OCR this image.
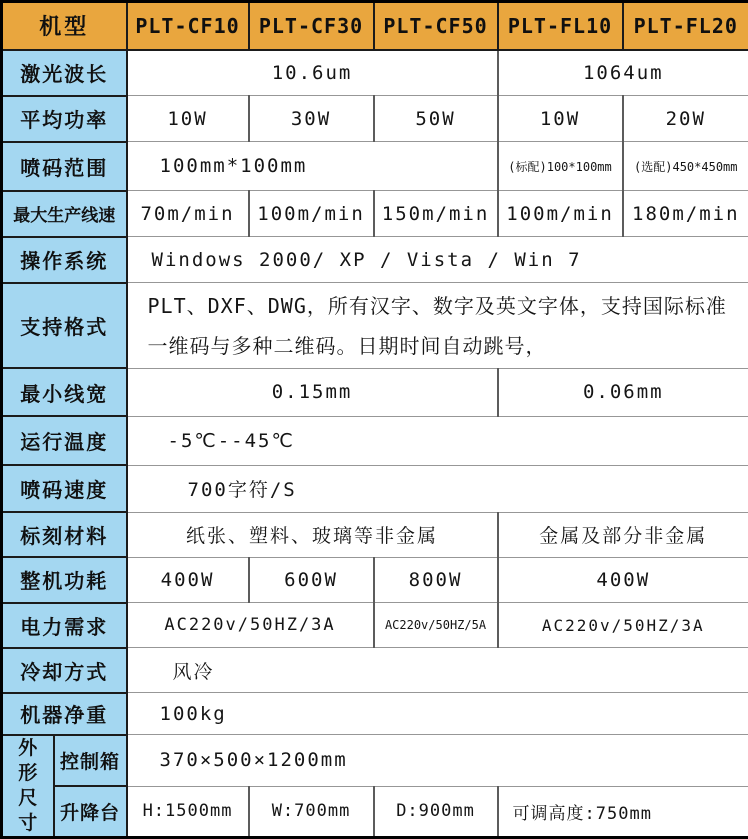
机型		PLT-CF10	PLT-CF30	PLT-CF50	PLT-FL10	PLT-FL20
激光波长		10.6um			1064um	
平均功率		10W	30W	50W	10W	20W
喷码范围		100mm*100mm			(标配)100*100mm	(选配)450*450mm
最大生产线速		70m/min	100m/min	150m/min	100m/min	180m/min
操作系统		Windows 2000/ XP / Vista / Win 7				
支持格式		PLT、DXF、DWG，所有汉字、数字及英文字体，支持国际标准一维码与多种二维码。日期时间自动跳号，				
最小线宽		0.15mm			0.06mm	
运行温度		-5℃--45℃				
喷码速度		700字符/S				
标刻材料		纸张、塑料、玻璃等非金属			金属及部分非金属	
整机功耗		400W	600W	800W	400W	
电力需求		AC220v/50HZ/3A		AC220v/50HZ/5A	AC220v/50HZ/3A	
冷却方式		风冷				
机器净重		100kg				

外形尺寸	控制箱	370×500×1200mm				
	升降台	H:1500mm	W:700mm	D:900mm	可调高度:750mm	
